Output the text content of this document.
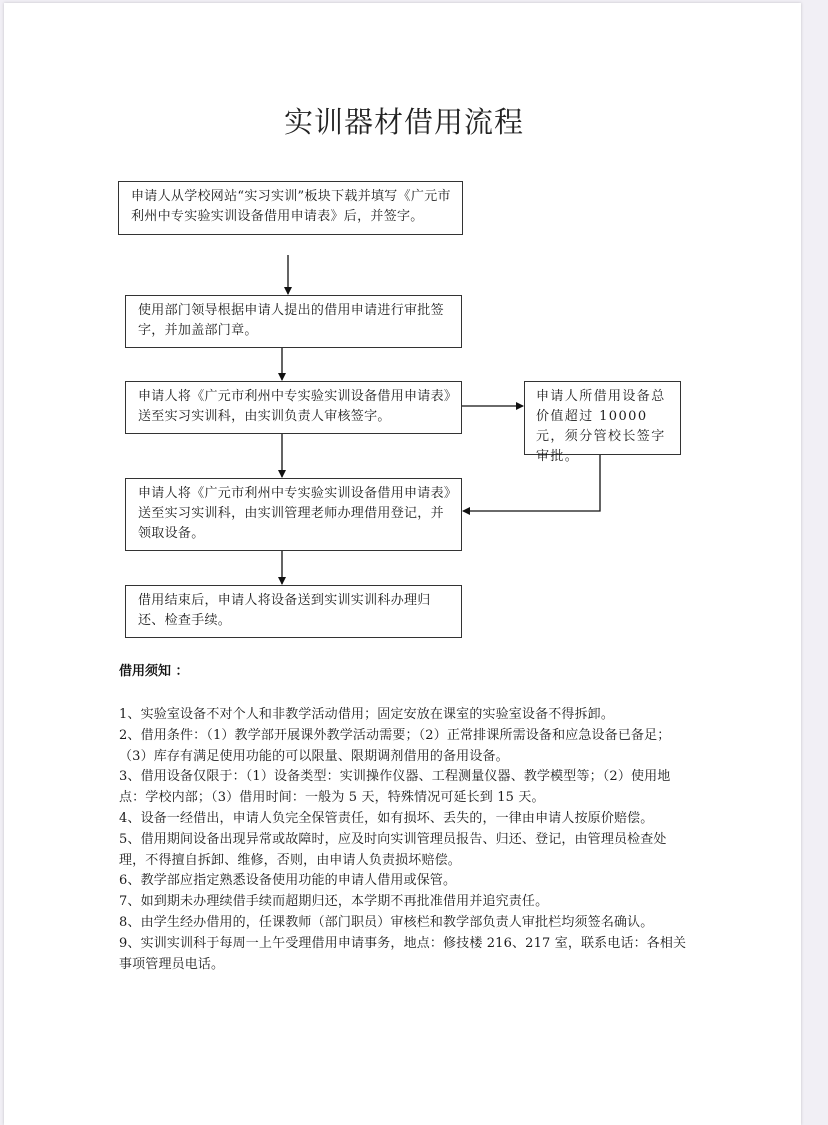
实训器材借用流程
申请人从学校网站“实习实训”板块下载并填写《广元市利州中专实验实训设备借用申请表》后，并签字。
使用部门领导根据申请人提出的借用申请进行审批签字，并加盖部门章。
申请人将《广元市利州中专实验实训设备借用申请表》送至实习实训科，由实训负责人审核签字。
申请人所借用设备总价值超过 10000 元，须分管校长签字审批。
申请人将《广元市利州中专实验实训设备借用申请表》送至实习实训科，由实训管理老师办理借用登记，并领取设备。
借用结束后，申请人将设备送到实训实训科办理归还、检查手续。
借用须知 ：
1、实验室设备不对个人和非教学活动借用；固定安放在课室的实验室设备不得拆卸。
2、借用条件：（1）教学部开展课外教学活动需要；（2）正常排课所需设备和应急设备已备足；（3）库存有满足使用功能的可以限量、限期调剂借用的备用设备。
3、借用设备仅限于：（1）设备类型：实训操作仪器、工程测量仪器、教学模型等；（2）使用地点：学校内部；（3）借用时间：一般为 5 天，特殊情况可延长到 15 天。
4、设备一经借出，申请人负完全保管责任，如有损坏、丢失的，一律由申请人按原价赔偿。
5、借用期间设备出现异常或故障时，应及时向实训管理员报告、归还、登记，由管理员检查处理，不得擅自拆卸、维修，否则，由申请人负责损坏赔偿。
6、教学部应指定熟悉设备使用功能的申请人借用或保管。
7、如到期未办理续借手续而超期归还，本学期不再批准借用并追究责任。
8、由学生经办借用的，任课教师（部门职员）审核栏和教学部负责人审批栏均须签名确认。
9、实训实训科于每周一上午受理借用申请事务，地点：修技楼 216、217 室，联系电话：各相关事项管理员电话。
